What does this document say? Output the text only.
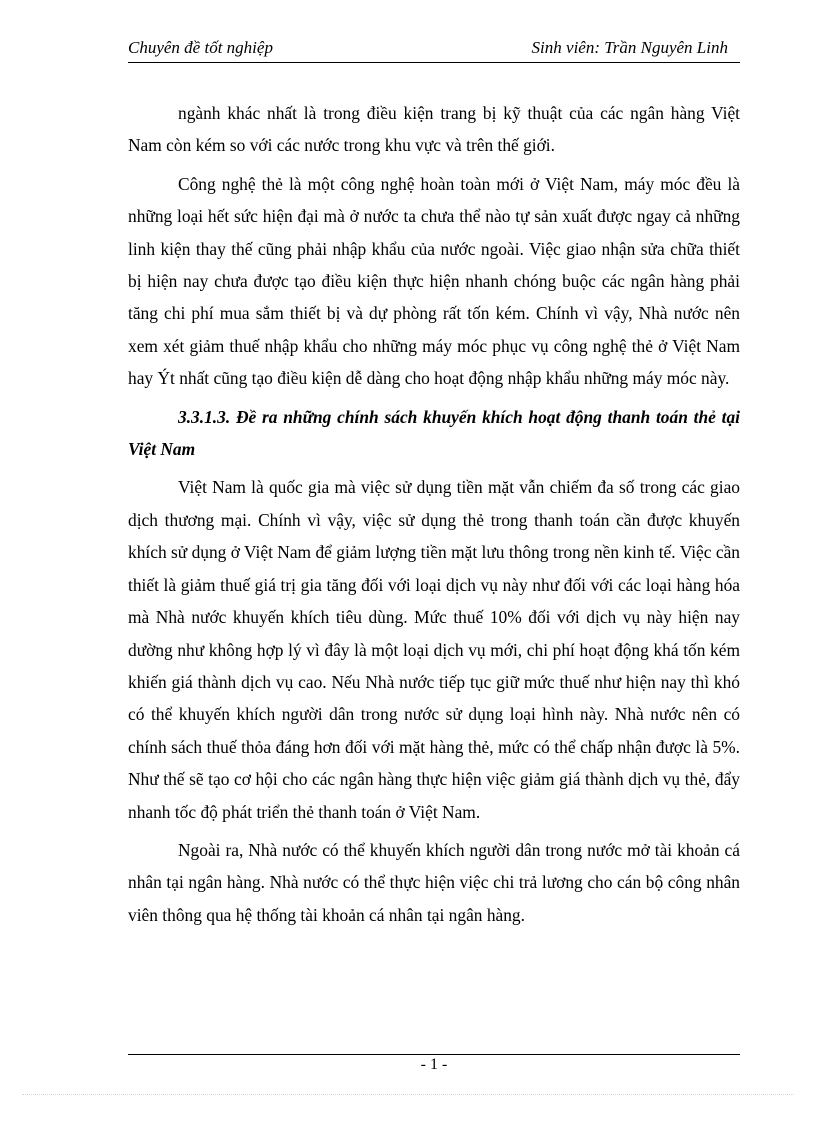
Chuyên đề tốt nghiệp	Sinh viên: Trần Nguyên Linh

ngành khác nhất là trong điều kiện trang bị kỹ thuật của các ngân hàng Việt Nam còn kém so với các nước trong khu vực và trên thế giới.

Công nghệ thẻ là một công nghệ hoàn toàn mới ở Việt Nam, máy móc đều là những loại hết sức hiện đại mà ở nước ta chưa thể nào tự sản xuất được ngay cả những linh kiện thay thế cũng phải nhập khẩu của nước ngoài. Việc giao nhận sửa chữa thiết bị hiện nay chưa được tạo điều kiện thực hiện nhanh chóng buộc các ngân hàng phải tăng chi phí mua sắm thiết bị và dự phòng rất tốn kém. Chính vì vậy, Nhà nước nên xem xét giảm thuế nhập khẩu cho những máy móc phục vụ công nghệ thẻ ở Việt Nam hay Ýt nhất cũng tạo điều kiện dễ dàng cho hoạt động nhập khẩu những máy móc này.

3.3.1.3. Đề ra những chính sách khuyến khích hoạt động thanh toán thẻ tại Việt Nam

Việt Nam là quốc gia mà việc sử dụng tiền mặt vẫn chiếm đa số trong các giao dịch thương mại. Chính vì vậy, việc sử dụng thẻ trong thanh toán cần được khuyến khích sử dụng ở Việt Nam để giảm lượng tiền mặt lưu thông trong nền kinh tế. Việc cần thiết là giảm thuế giá trị gia tăng đối với loại dịch vụ này như đối với các loại hàng hóa mà Nhà nước khuyến khích tiêu dùng. Mức thuế 10% đối với dịch vụ này hiện nay dường như không hợp lý vì đây là một loại dịch vụ mới, chi phí hoạt động khá tốn kém khiến giá thành dịch vụ cao. Nếu Nhà nước tiếp tục giữ mức thuế như hiện nay thì khó có thể khuyến khích người dân trong nước sử dụng loại hình này. Nhà nước nên có chính sách thuế thỏa đáng hơn đối với mặt hàng thẻ, mức có thể chấp nhận được là 5%. Như thế sẽ tạo cơ hội cho các ngân hàng thực hiện việc giảm giá thành dịch vụ thẻ, đẩy nhanh tốc độ phát triển thẻ thanh toán ở Việt Nam.

Ngoài ra, Nhà nước có thể khuyến khích người dân trong nước mở tài khoản cá nhân tại ngân hàng. Nhà nước có thể thực hiện việc chi trả lương cho cán bộ công nhân viên thông qua hệ thống tài khoản cá nhân tại ngân hàng.

- 1 -
